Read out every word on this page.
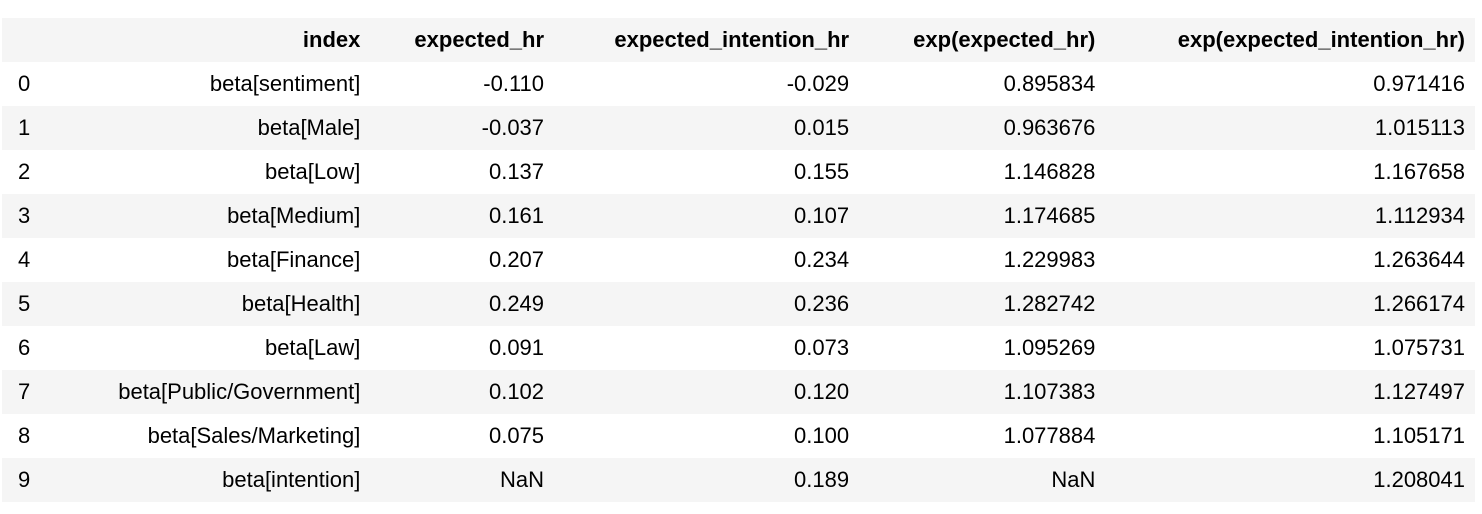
	index	expected_hr	expected_intention_hr	exp(expected_hr)	exp(expected_intention_hr)
0	beta[sentiment]	-0.110	-0.029	0.895834	0.971416
1	beta[Male]	-0.037	0.015	0.963676	1.015113
2	beta[Low]	0.137	0.155	1.146828	1.167658
3	beta[Medium]	0.161	0.107	1.174685	1.112934
4	beta[Finance]	0.207	0.234	1.229983	1.263644
5	beta[Health]	0.249	0.236	1.282742	1.266174
6	beta[Law]	0.091	0.073	1.095269	1.075731
7	beta[Public/Government]	0.102	0.120	1.107383	1.127497
8	beta[Sales/Marketing]	0.075	0.100	1.077884	1.105171
9	beta[intention]	NaN	0.189	NaN	1.208041
